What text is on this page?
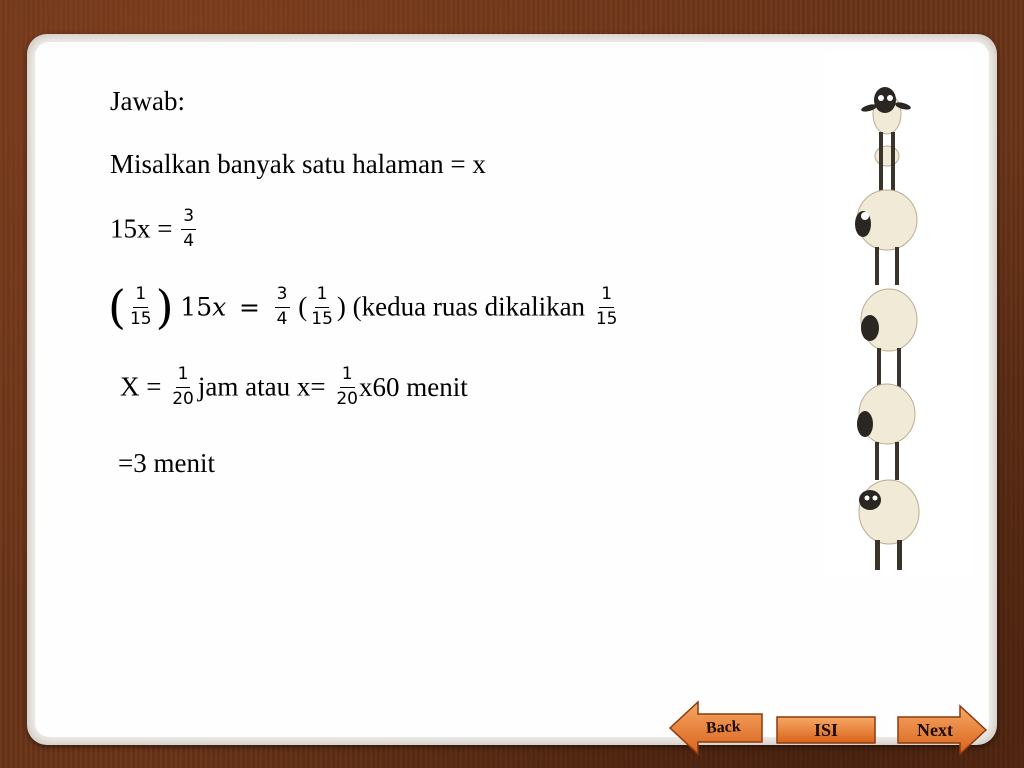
Jawab:
Misalkan banyak satu halaman = x
$15x = \frac{3}{4}$
( $\frac{1}{15}$ ) $15x = \frac{3}{4}$ ( $\frac{1}{15}$ ) (kedua ruas dikalikan $\frac{1}{15}$
$X = \frac{1}{20}$ jam atau $x= \frac{1}{20} x60$ menit
=3 menit
Back	ISI	Next
